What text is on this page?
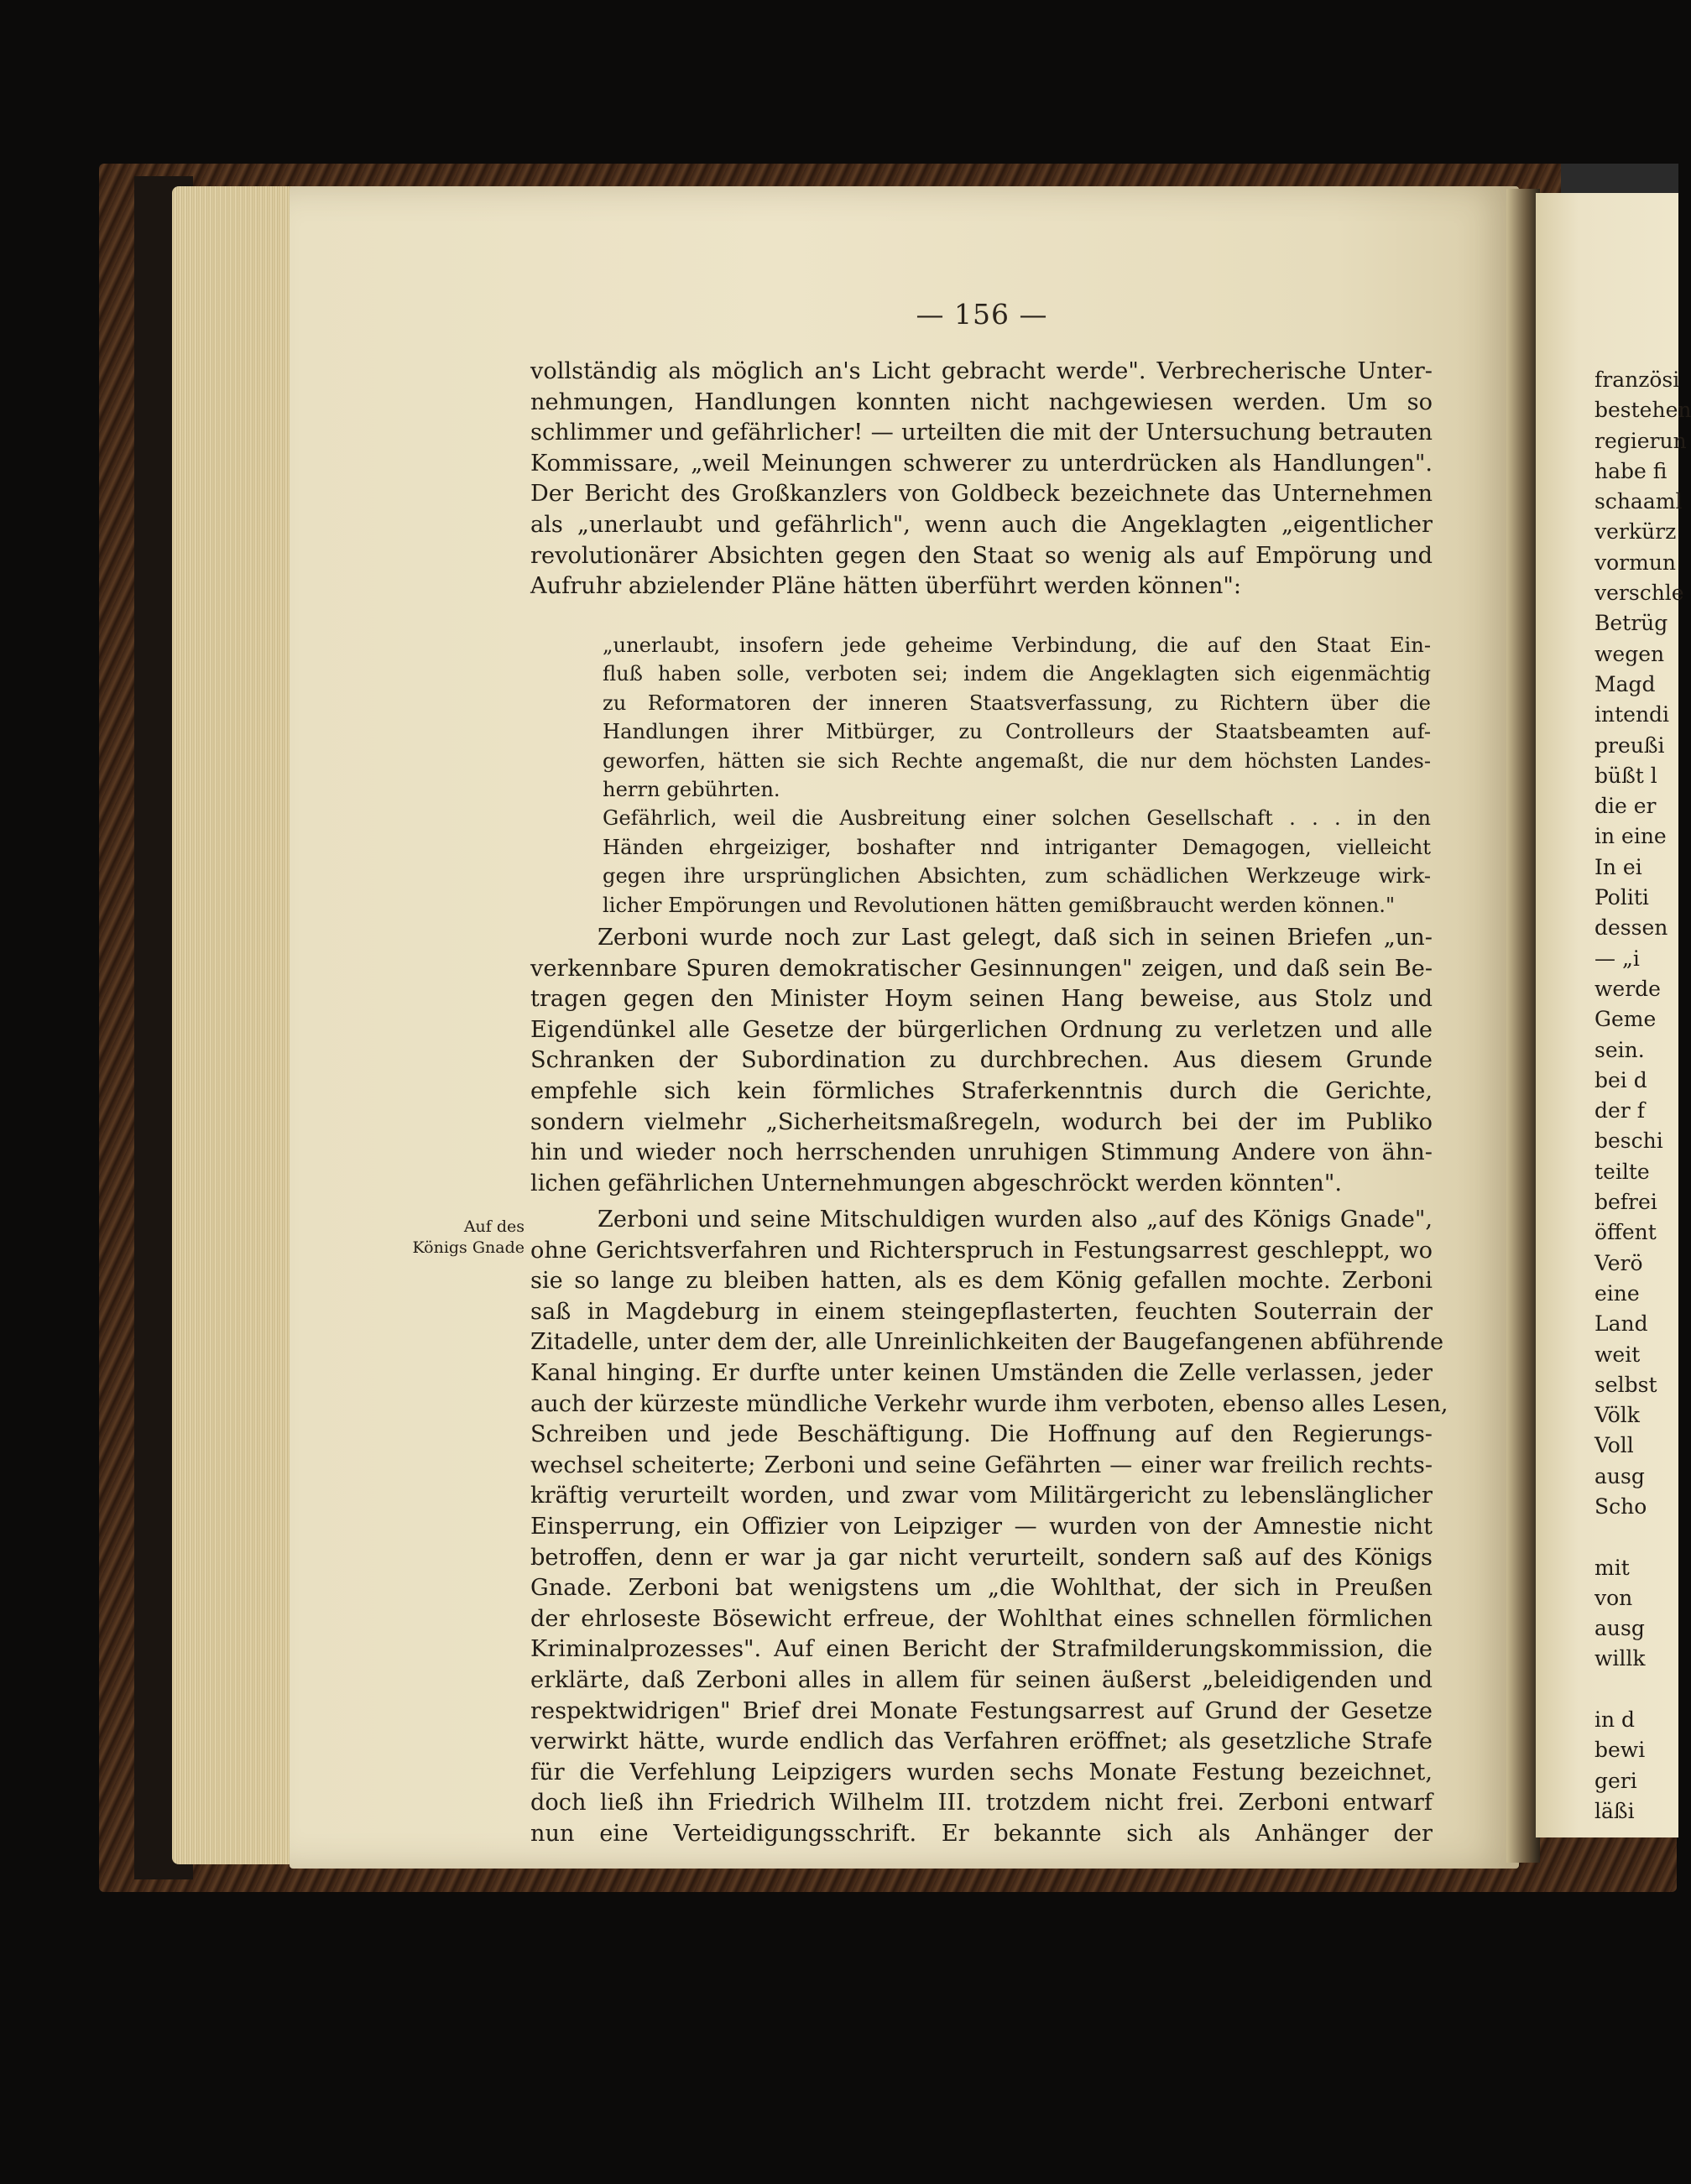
— 156 —
vollständig als möglich an's Licht gebracht werde". Verbrecherische Unter-
nehmungen, Handlungen konnten nicht nachgewiesen werden. Um so
schlimmer und gefährlicher! — urteilten die mit der Untersuchung betrauten
Kommissare, „weil Meinungen schwerer zu unterdrücken als Handlungen".
Der Bericht des Großkanzlers von Goldbeck bezeichnete das Unternehmen
als „unerlaubt und gefährlich", wenn auch die Angeklagten „eigentlicher
revolutionärer Absichten gegen den Staat so wenig als auf Empörung und
Aufruhr abzielender Pläne hätten überführt werden können":
„unerlaubt, insofern jede geheime Verbindung, die auf den Staat Ein-
fluß haben solle, verboten sei; indem die Angeklagten sich eigenmächtig
zu Reformatoren der inneren Staatsverfassung, zu Richtern über die
Handlungen ihrer Mitbürger, zu Controlleurs der Staatsbeamten auf-
geworfen, hätten sie sich Rechte angemaßt, die nur dem höchsten Landes-
herrn gebührten.
Gefährlich, weil die Ausbreitung einer solchen Gesellschaft . . . in den
Händen ehrgeiziger, boshafter nnd intriganter Demagogen, vielleicht
gegen ihre ursprünglichen Absichten, zum schädlichen Werkzeuge wirk-
licher Empörungen und Revolutionen hätten gemißbraucht werden können."
Zerboni wurde noch zur Last gelegt, daß sich in seinen Briefen „un-
verkennbare Spuren demokratischer Gesinnungen" zeigen, und daß sein Be-
tragen gegen den Minister Hoym seinen Hang beweise, aus Stolz und
Eigendünkel alle Gesetze der bürgerlichen Ordnung zu verletzen und alle
Schranken der Subordination zu durchbrechen. Aus diesem Grunde
empfehle sich kein förmliches Straferkenntnis durch die Gerichte,
sondern vielmehr „Sicherheitsmaßregeln, wodurch bei der im Publiko
hin und wieder noch herrschenden unruhigen Stimmung Andere von ähn-
lichen gefährlichen Unternehmungen abgeschröckt werden könnten".
Auf des
Königs Gnade
Zerboni und seine Mitschuldigen wurden also „auf des Königs Gnade",
ohne Gerichtsverfahren und Richterspruch in Festungsarrest geschleppt, wo
sie so lange zu bleiben hatten, als es dem König gefallen mochte. Zerboni
saß in Magdeburg in einem steingepflasterten, feuchten Souterrain der
Zitadelle, unter dem der, alle Unreinlichkeiten der Baugefangenen abführende
Kanal hinging. Er durfte unter keinen Umständen die Zelle verlassen, jeder
auch der kürzeste mündliche Verkehr wurde ihm verboten, ebenso alles Lesen,
Schreiben und jede Beschäftigung. Die Hoffnung auf den Regierungs-
wechsel scheiterte; Zerboni und seine Gefährten — einer war freilich rechts-
kräftig verurteilt worden, und zwar vom Militärgericht zu lebenslänglicher
Einsperrung, ein Offizier von Leipziger — wurden von der Amnestie nicht
betroffen, denn er war ja gar nicht verurteilt, sondern saß auf des Königs
Gnade. Zerboni bat wenigstens um „die Wohlthat, der sich in Preußen
der ehrloseste Bösewicht erfreue, der Wohlthat eines schnellen förmlichen
Kriminalprozesses". Auf einen Bericht der Strafmilderungskommission, die
erklärte, daß Zerboni alles in allem für seinen äußerst „beleidigenden und
respektwidrigen" Brief drei Monate Festungsarrest auf Grund der Gesetze
verwirkt hätte, wurde endlich das Verfahren eröffnet; als gesetzliche Strafe
für die Verfehlung Leipzigers wurden sechs Monate Festung bezeichnet,
doch ließ ihn Friedrich Wilhelm III. trotzdem nicht frei. Zerboni entwarf
nun eine Verteidigungsschrift. Er bekannte sich als Anhänger der
französi
bestehen
regierun
habe fi
schaaml
verkürz
vormun
verschle
Betrüg
wegen
Magd
intendi
preußi
büßt l
die er
in eine
In ei
Politi
dessen
— „i
werde
Geme
sein.
bei d
der f
beschi
teilte
befrei
öffent
Verö
eine
Land
weit
selbst
Völk
Voll
ausg
Scho

mit
von
ausg
willk

in d
bewi
geri
läßi
